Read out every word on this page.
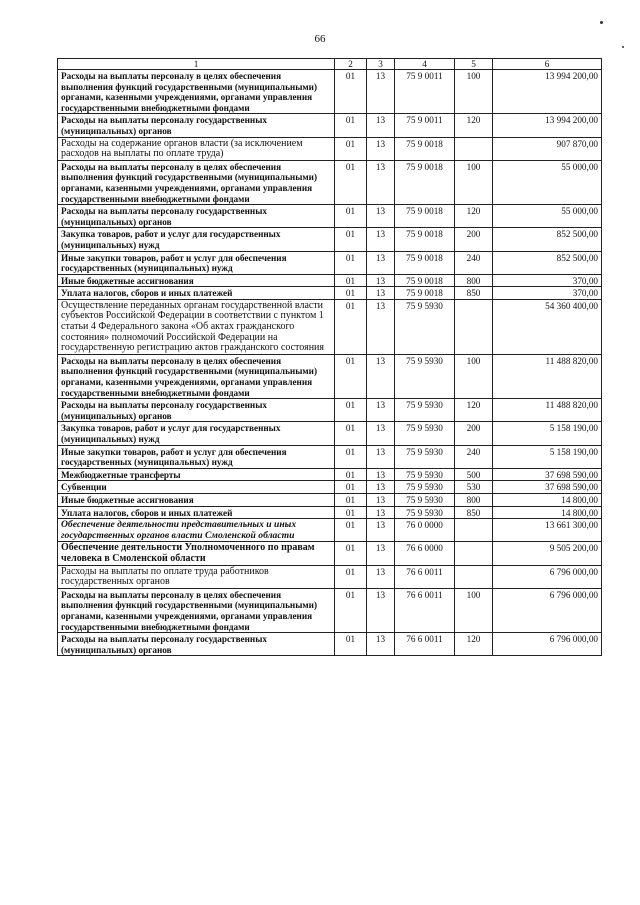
66
1	2	3	4	5	6
Расходы на выплаты персоналу в целях обеспечения выполнения функций государственными (муниципальными) органами, казенными учреждениями, органами управления государственными внебюджетными фондами	01	13	75 9 0011	100	13 994 200,00
Расходы на выплаты персоналу государственных (муниципальных) органов	01	13	75 9 0011	120	13 994 200,00
Расходы на содержание органов власти (за исключением расходов на выплаты по оплате труда)	01	13	75 9 0018		907 870,00
Расходы на выплаты персоналу в целях обеспечения выполнения функций государственными (муниципальными) органами, казенными учреждениями, органами управления государственными внебюджетными фондами	01	13	75 9 0018	100	55 000,00
Расходы на выплаты персоналу государственных (муниципальных) органов	01	13	75 9 0018	120	55 000,00
Закупка товаров, работ и услуг для государственных (муниципальных) нужд	01	13	75 9 0018	200	852 500,00
Иные закупки товаров, работ и услуг для обеспечения государственных (муниципальных) нужд	01	13	75 9 0018	240	852 500,00
Иные бюджетные ассигнования	01	13	75 9 0018	800	370,00
Уплата налогов, сборов и иных платежей	01	13	75 9 0018	850	370,00
Осуществление переданных органам государственной власти субъектов Российской Федерации в соответствии с пунктом 1 статьи 4 Федерального закона «Об актах гражданского состояния» полномочий Российской Федерации на государственную регистрацию актов гражданского состояния	01	13	75 9 5930		54 360 400,00
Расходы на выплаты персоналу в целях обеспечения выполнения функций государственными (муниципальными) органами, казенными учреждениями, органами управления государственными внебюджетными фондами	01	13	75 9 5930	100	11 488 820,00
Расходы на выплаты персоналу государственных (муниципальных) органов	01	13	75 9 5930	120	11 488 820,00
Закупка товаров, работ и услуг для государственных (муниципальных) нужд	01	13	75 9 5930	200	5 158 190,00
Иные закупки товаров, работ и услуг для обеспечения государственных (муниципальных) нужд	01	13	75 9 5930	240	5 158 190,00
Межбюджетные трансферты	01	13	75 9 5930	500	37 698 590,00
Субвенции	01	13	75 9 5930	530	37 698 590,00
Иные бюджетные ассигнования	01	13	75 9 5930	800	14 800,00
Уплата налогов, сборов и иных платежей	01	13	75 9 5930	850	14 800,00
Обеспечение деятельности представительных и иных государственных органов власти Смоленской области	01	13	76 0 0000		13 661 300,00
Обеспечение деятельности Уполномоченного по правам человека в Смоленской области	01	13	76 6 0000		9 505 200,00
Расходы на выплаты по оплате труда работников государственных органов	01	13	76 6 0011		6 796 000,00
Расходы на выплаты персоналу в целях обеспечения выполнения функций государственными (муниципальными) органами, казенными учреждениями, органами управления государственными внебюджетными фондами	01	13	76 6 0011	100	6 796 000,00
Расходы на выплаты персоналу государственных (муниципальных) органов	01	13	76 6 0011	120	6 796 000,00
